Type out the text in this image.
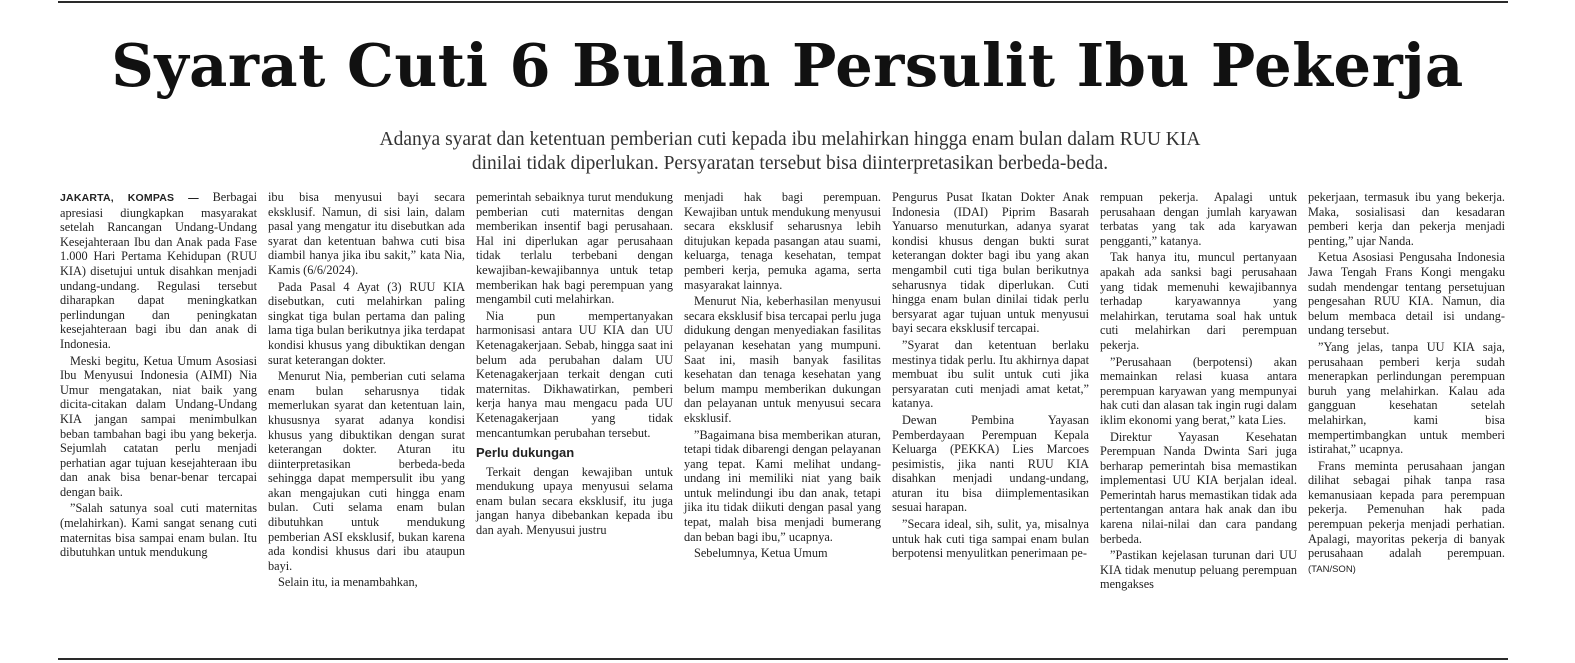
Syarat Cuti 6 Bulan Persulit Ibu Pekerja

Adanya syarat dan ketentuan pemberian cuti kepada ibu melahirkan hingga enam bulan dalam RUU KIA

dinilai tidak diperlukan. Persyaratan tersebut bisa diinterpretasikan berbeda-beda.

JAKARTA, KOMPAS — Berbagai apresiasi diungkapkan masyarakat setelah Rancangan Undang-Undang Kesejahteraan Ibu dan Anak pada Fase 1.000 Hari Pertama Kehidupan (RUU KIA) disetujui untuk disahkan menjadi undang-undang. Regulasi tersebut diharapkan dapat meningkatkan perlindungan dan peningkatan kesejahteraan bagi ibu dan anak di Indonesia.

Meski begitu, Ketua Umum Asosiasi Ibu Menyusui Indonesia (AIMI) Nia Umur mengatakan, niat baik yang dicita-citakan dalam Undang-Undang KIA jangan sampai menimbulkan beban tambahan bagi ibu yang bekerja. Sejumlah catatan perlu menjadi perhatian agar tujuan kesejahteraan ibu dan anak bisa benar-benar tercapai dengan baik.

”Salah satunya soal cuti maternitas (melahirkan). Kami sangat senang cuti maternitas bisa sampai enam bulan. Itu dibutuhkan untuk mendukung

ibu bisa menyusui bayi secara eksklusif. Namun, di sisi lain, dalam pasal yang mengatur itu disebutkan ada syarat dan ketentuan bahwa cuti bisa diambil hanya jika ibu sakit,” kata Nia, Kamis (6/6/2024).

Pada Pasal 4 Ayat (3) RUU KIA disebutkan, cuti melahirkan paling singkat tiga bulan pertama dan paling lama tiga bulan berikutnya jika terdapat kondisi khusus yang dibuktikan dengan surat keterangan dokter.

Menurut Nia, pemberian cuti selama enam bulan seharusnya tidak memerlukan syarat dan ketentuan lain, khususnya syarat adanya kondisi khusus yang dibuktikan dengan surat keterangan dokter. Aturan itu diinterpretasikan berbeda-beda sehingga dapat mempersulit ibu yang akan mengajukan cuti hingga enam bulan. Cuti selama enam bulan dibutuhkan untuk mendukung pemberian ASI eksklusif, bukan karena ada kondisi khusus dari ibu ataupun bayi.

Selain itu, ia menambahkan,

pemerintah sebaiknya turut mendukung pemberian cuti maternitas dengan memberikan insentif bagi perusahaan. Hal ini diperlukan agar perusahaan tidak terlalu terbebani dengan kewajiban-kewajibannya untuk tetap memberikan hak bagi perempuan yang mengambil cuti melahirkan.

Nia pun mempertanyakan harmonisasi antara UU KIA dan UU Ketenagakerjaan. Sebab, hingga saat ini belum ada perubahan dalam UU Ketenagakerjaan terkait dengan cuti maternitas. Dikhawatirkan, pemberi kerja hanya mau mengacu pada UU Ketenagakerjaan yang tidak mencantumkan perubahan tersebut.

Perlu dukungan

Terkait dengan kewajiban untuk mendukung upaya menyusui selama enam bulan secara eksklusif, itu juga jangan hanya dibebankan kepada ibu dan ayah. Menyusui justru

menjadi hak bagi perempuan. Kewajiban untuk mendukung menyusui secara eksklusif seharusnya lebih ditujukan kepada pasangan atau suami, keluarga, tenaga kesehatan, tempat pemberi kerja, pemuka agama, serta masyarakat lainnya.

Menurut Nia, keberhasilan menyusui secara eksklusif bisa tercapai perlu juga didukung dengan menyediakan fasilitas pelayanan kesehatan yang mumpuni. Saat ini, masih banyak fasilitas kesehatan dan tenaga kesehatan yang belum mampu memberikan dukungan dan pelayanan untuk menyusui secara eksklusif.

”Bagaimana bisa memberikan aturan, tetapi tidak dibarengi dengan pelayanan yang tepat. Kami melihat undang-undang ini memiliki niat yang baik untuk melindungi ibu dan anak, tetapi jika itu tidak diikuti dengan pasal yang tepat, malah bisa menjadi bumerang dan beban bagi ibu,” ucapnya.

Sebelumnya, Ketua Umum

Pengurus Pusat Ikatan Dokter Anak Indonesia (IDAI) Piprim Basarah Yanuarso menuturkan, adanya syarat kondisi khusus dengan bukti surat keterangan dokter bagi ibu yang akan mengambil cuti tiga bulan berikutnya seharusnya tidak diperlukan. Cuti hingga enam bulan dinilai tidak perlu bersyarat agar tujuan untuk menyusui bayi secara eksklusif tercapai.

”Syarat dan ketentuan berlaku mestinya tidak perlu. Itu akhirnya dapat membuat ibu sulit untuk cuti jika persyaratan cuti menjadi amat ketat,” katanya.

Dewan Pembina Yayasan Pemberdayaan Perempuan Kepala Keluarga (PEKKA) Lies Marcoes pesimistis, jika nanti RUU KIA disahkan menjadi undang-undang, aturan itu bisa diimplementasikan sesuai harapan.

”Secara ideal, sih, sulit, ya, misalnya untuk hak cuti tiga sampai enam bulan berpotensi menyulitkan penerimaan pe-

rempuan pekerja. Apalagi untuk perusahaan dengan jumlah karyawan terbatas yang tak ada karyawan pengganti,” katanya.

Tak hanya itu, muncul pertanyaan apakah ada sanksi bagi perusahaan yang tidak memenuhi kewajibannya terhadap karyawannya yang melahirkan, terutama soal hak untuk cuti melahirkan dari perempuan pekerja.

”Perusahaan (berpotensi) akan memainkan relasi kuasa antara perempuan karyawan yang mempunyai hak cuti dan alasan tak ingin rugi dalam iklim ekonomi yang berat,” kata Lies.

Direktur Yayasan Kesehatan Perempuan Nanda Dwinta Sari juga berharap pemerintah bisa memastikan implementasi UU KIA berjalan ideal. Pemerintah harus memastikan tidak ada pertentangan antara hak anak dan ibu karena nilai-nilai dan cara pandang berbeda.

”Pastikan kejelasan turunan dari UU KIA tidak menutup peluang perempuan mengakses

pekerjaan, termasuk ibu yang bekerja. Maka, sosialisasi dan kesadaran pemberi kerja dan pekerja menjadi penting,” ujar Nanda.

Ketua Asosiasi Pengusaha Indonesia Jawa Tengah Frans Kongi mengaku sudah mendengar tentang persetujuan pengesahan RUU KIA. Namun, dia belum membaca detail isi undang-undang tersebut.

”Yang jelas, tanpa UU KIA saja, perusahaan pemberi kerja sudah menerapkan perlindungan perempuan buruh yang melahirkan. Kalau ada gangguan kesehatan setelah melahirkan, kami bisa mempertimbangkan untuk memberi istirahat,” ucapnya.

Frans meminta perusahaan jangan dilihat sebagai pihak tanpa rasa kemanusiaan kepada para perempuan pekerja. Pemenuhan hak pada perempuan pekerja menjadi perhatian. Apalagi, mayoritas pekerja di banyak perusahaan adalah perempuan. (TAN/SON)
